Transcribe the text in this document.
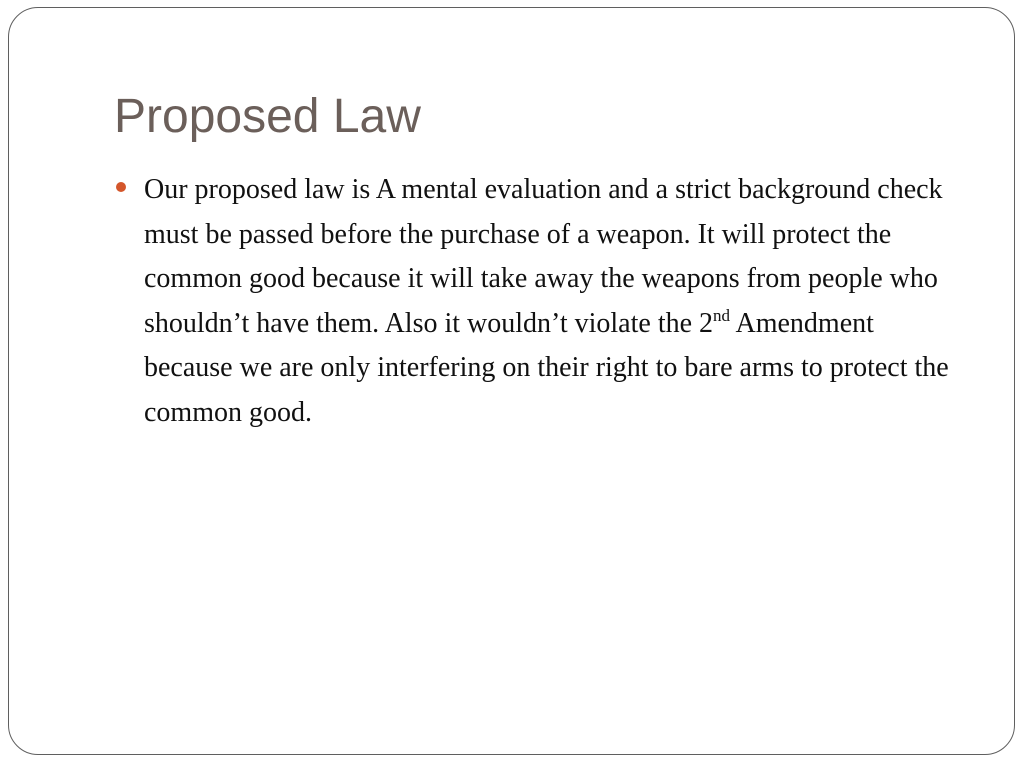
Proposed Law
Our proposed law is A mental evaluation and a strict background check must be passed before the purchase of a weapon. It will protect the common good because it will take away the weapons from people who shouldn’t have them. Also it wouldn’t violate the 2nd Amendment because we are only interfering on their right to bare arms to protect the common good.
